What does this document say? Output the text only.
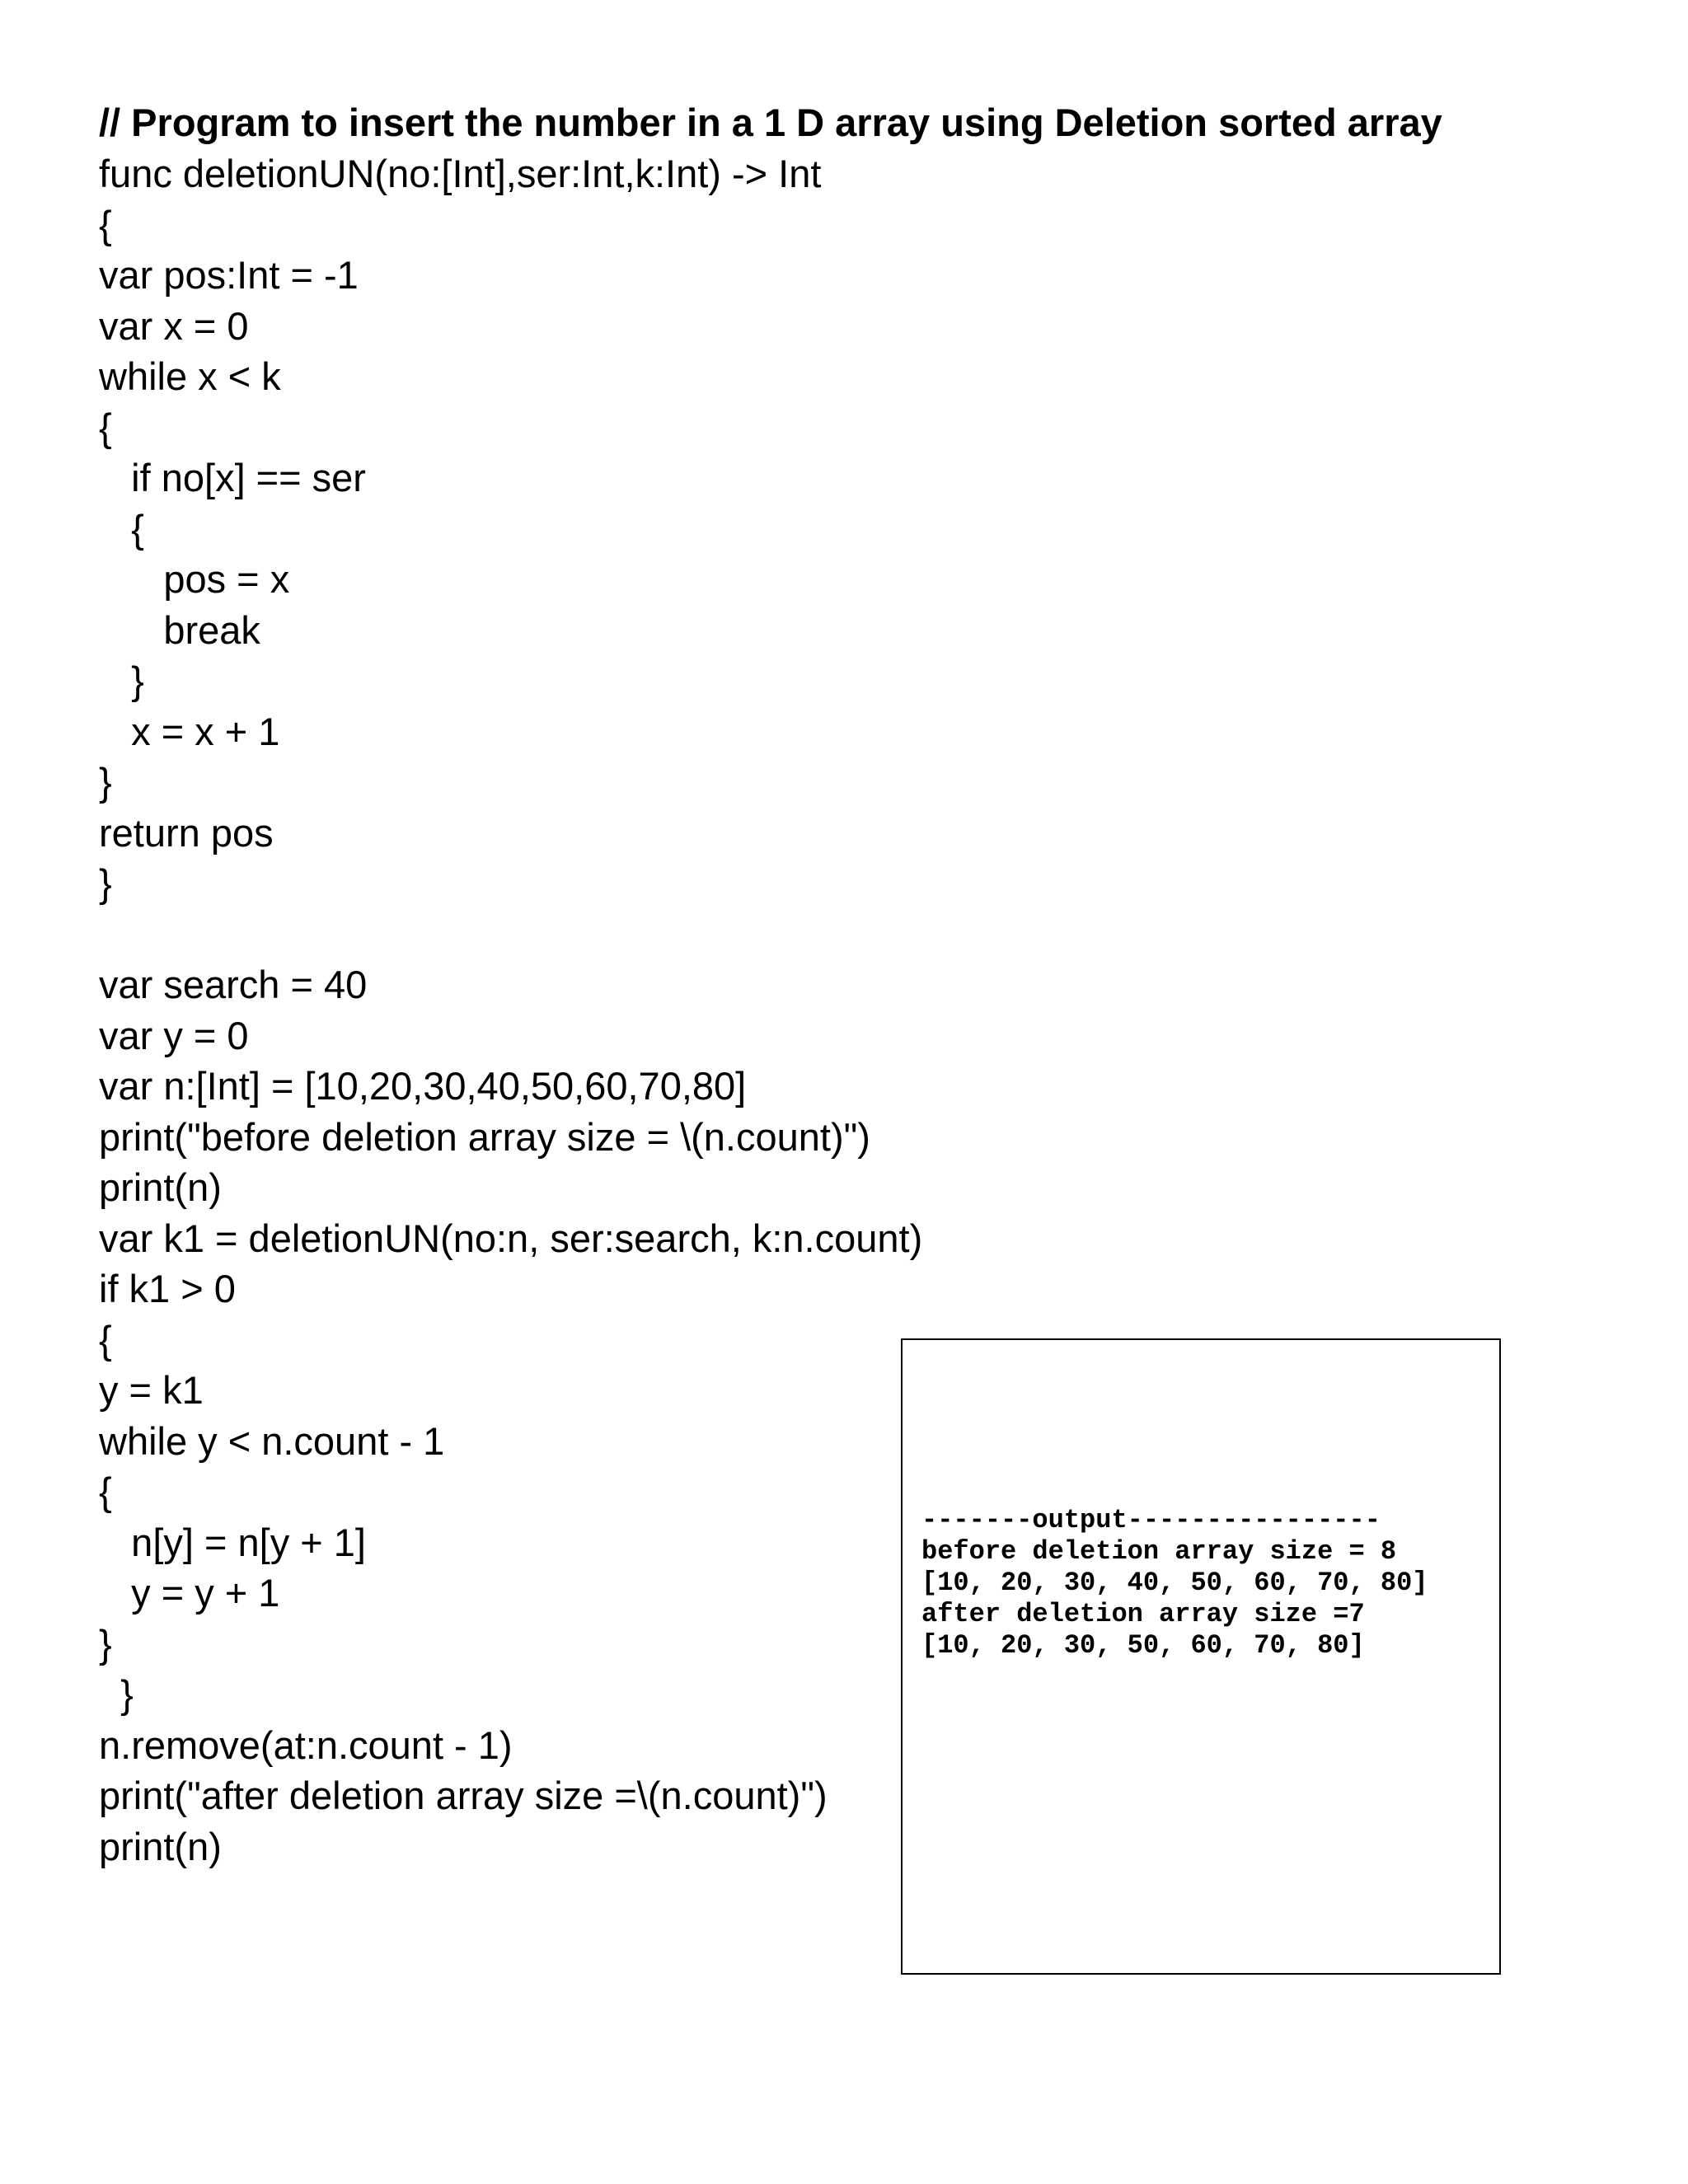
// Program to insert the number in a 1 D array using Deletion sorted array

func deletionUN(no:[Int],ser:Int,k:Int) -> Int
{
var pos:Int = -1
var x = 0
while x < k
{
if no[x] == ser
{
pos = x
break
}
x = x + 1
}
return pos
}
var search = 40
var y = 0
var n:[Int] = [10,20,30,40,50,60,70,80]
print("before deletion array size = \(n.count)")
print(n)
var k1 = deletionUN(no:n, ser:search, k:n.count)
if k1 > 0
{
y = k1
while y < n.count - 1
{
n[y] = n[y + 1]
y = y + 1
}
}
n.remove(at:n.count - 1)
print("after deletion array size =\(n.count)")
print(n)
-------output----------------
before deletion array size = 8
[10, 20, 30, 40, 50, 60, 70, 80]
after deletion array size =7
[10, 20, 30, 50, 60, 70, 80]
